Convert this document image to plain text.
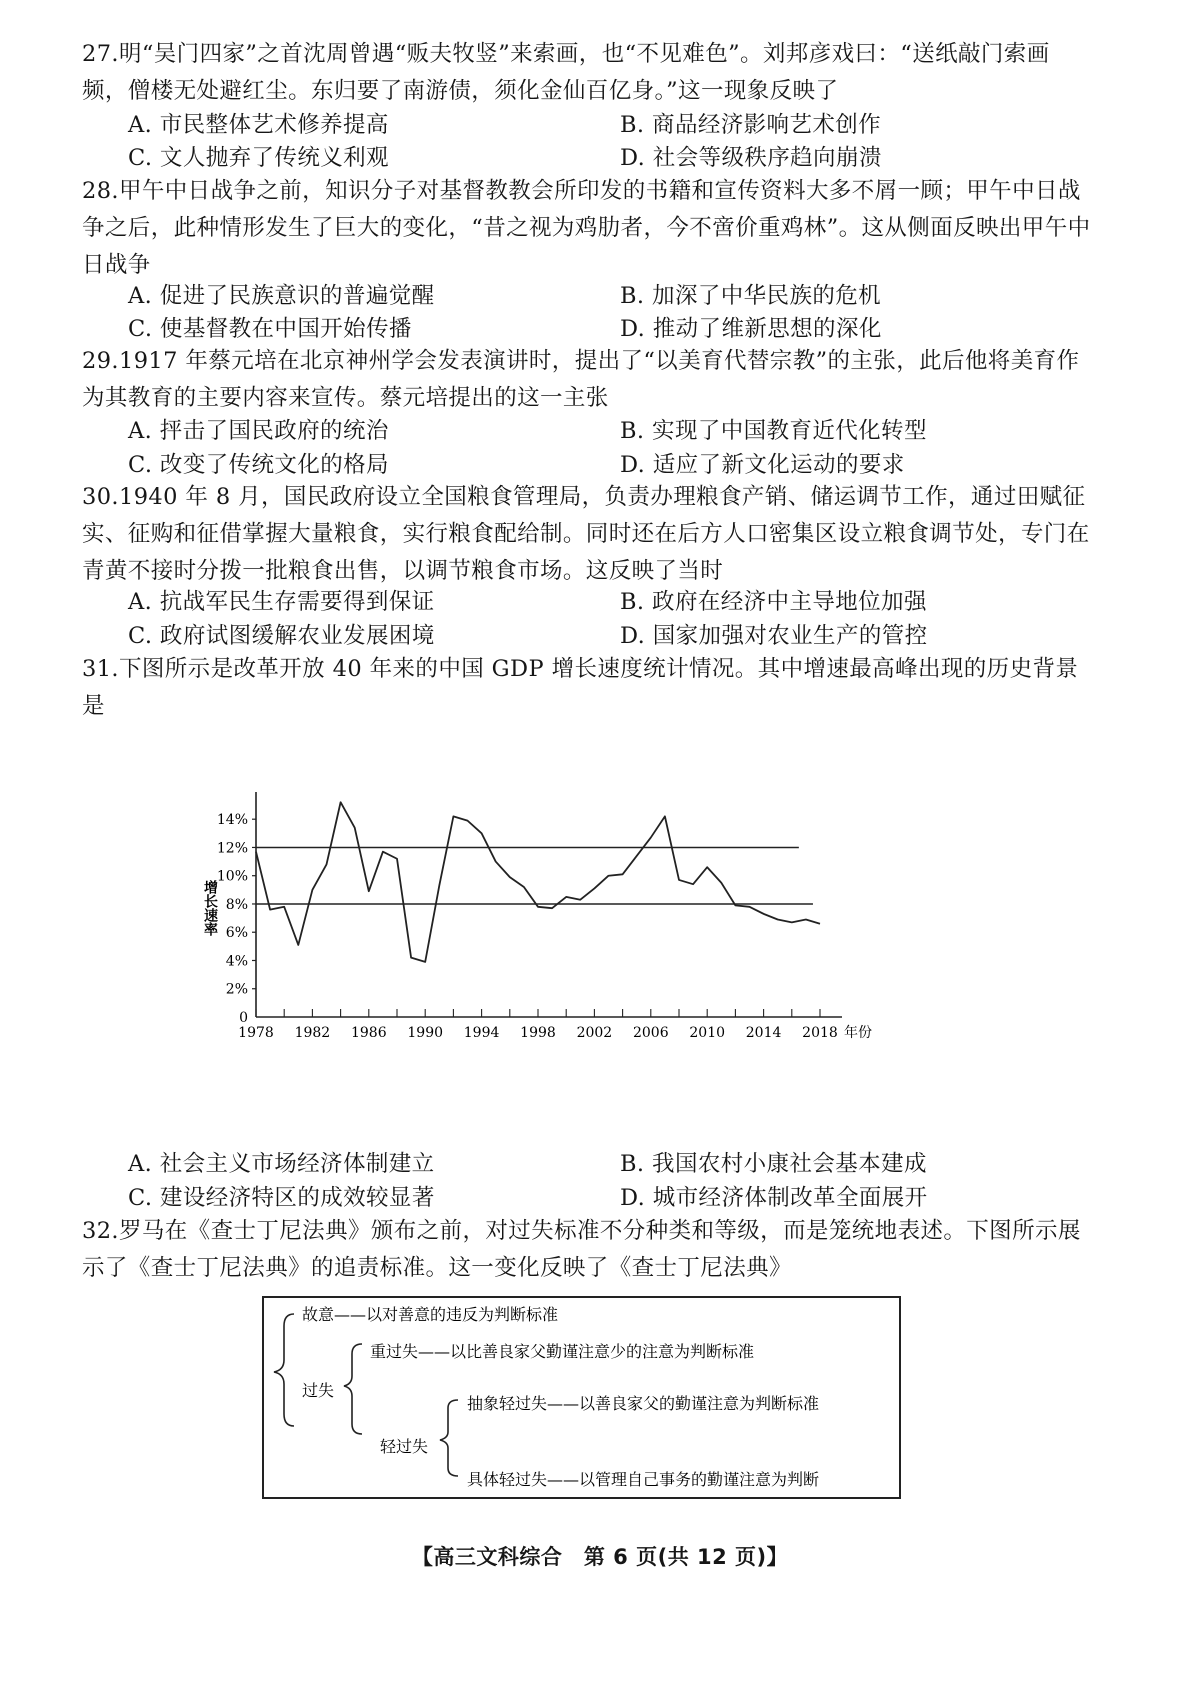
27.明“吴门四家”之首沈周曾遇“贩夫牧竖”来索画，也“不见难色”。刘邦彦戏曰：“送纸敲门索画频，僧楼无处避红尘。东归要了南游债，须化金仙百亿身。”这一现象反映了
A. 市民整体艺术修养提高	B. 商品经济影响艺术创作
C. 文人抛弃了传统义利观	D. 社会等级秩序趋向崩溃
28.甲午中日战争之前，知识分子对基督教教会所印发的书籍和宣传资料大多不屑一顾；甲午中日战争之后，此种情形发生了巨大的变化，“昔之视为鸡肋者，今不啻价重鸡林”。这从侧面反映出甲午中日战争
A. 促进了民族意识的普遍觉醒	B. 加深了中华民族的危机
C. 使基督教在中国开始传播	D. 推动了维新思想的深化
29.1917 年蔡元培在北京神州学会发表演讲时，提出了“以美育代替宗教”的主张，此后他将美育作为其教育的主要内容来宣传。蔡元培提出的这一主张
A. 抨击了国民政府的统治	B. 实现了中国教育近代化转型
C. 改变了传统文化的格局	D. 适应了新文化运动的要求
30.1940 年 8 月，国民政府设立全国粮食管理局，负责办理粮食产销、储运调节工作，通过田赋征实、征购和征借掌握大量粮食，实行粮食配给制。同时还在后方人口密集区设立粮食调节处，专门在青黄不接时分拨一批粮食出售，以调节粮食市场。这反映了当时
A. 抗战军民生存需要得到保证	B. 政府在经济中主导地位加强
C. 政府试图缓解农业发展困境	D. 国家加强对农业生产的管控
31.下图所示是改革开放 40 年来的中国 GDP 增长速度统计情况。其中增速最高峰出现的历史背景是
0
2%
4%
6%
8%
10%
12%
14%
1978 1982 1986 1990 1994 1998 2002 2006 2010 2014 2018 年份
增长速率
A. 社会主义市场经济体制建立	B. 我国农村小康社会基本建成
C. 建设经济特区的成效较显著	D. 城市经济体制改革全面展开
32.罗马在《查士丁尼法典》颁布之前，对过失标准不分种类和等级，而是笼统地表述。下图所示展示了《查士丁尼法典》的追责标准。这一变化反映了《查士丁尼法典》
故意——以对善意的违反为判断标准
过失
重过失——以比善良家父勤谨注意少的注意为判断标准
轻过失
抽象轻过失——以善良家父的勤谨注意为判断标准
具体轻过失——以管理自己事务的勤谨注意为判断
【高三文科综合　第 6 页(共 12 页)】
